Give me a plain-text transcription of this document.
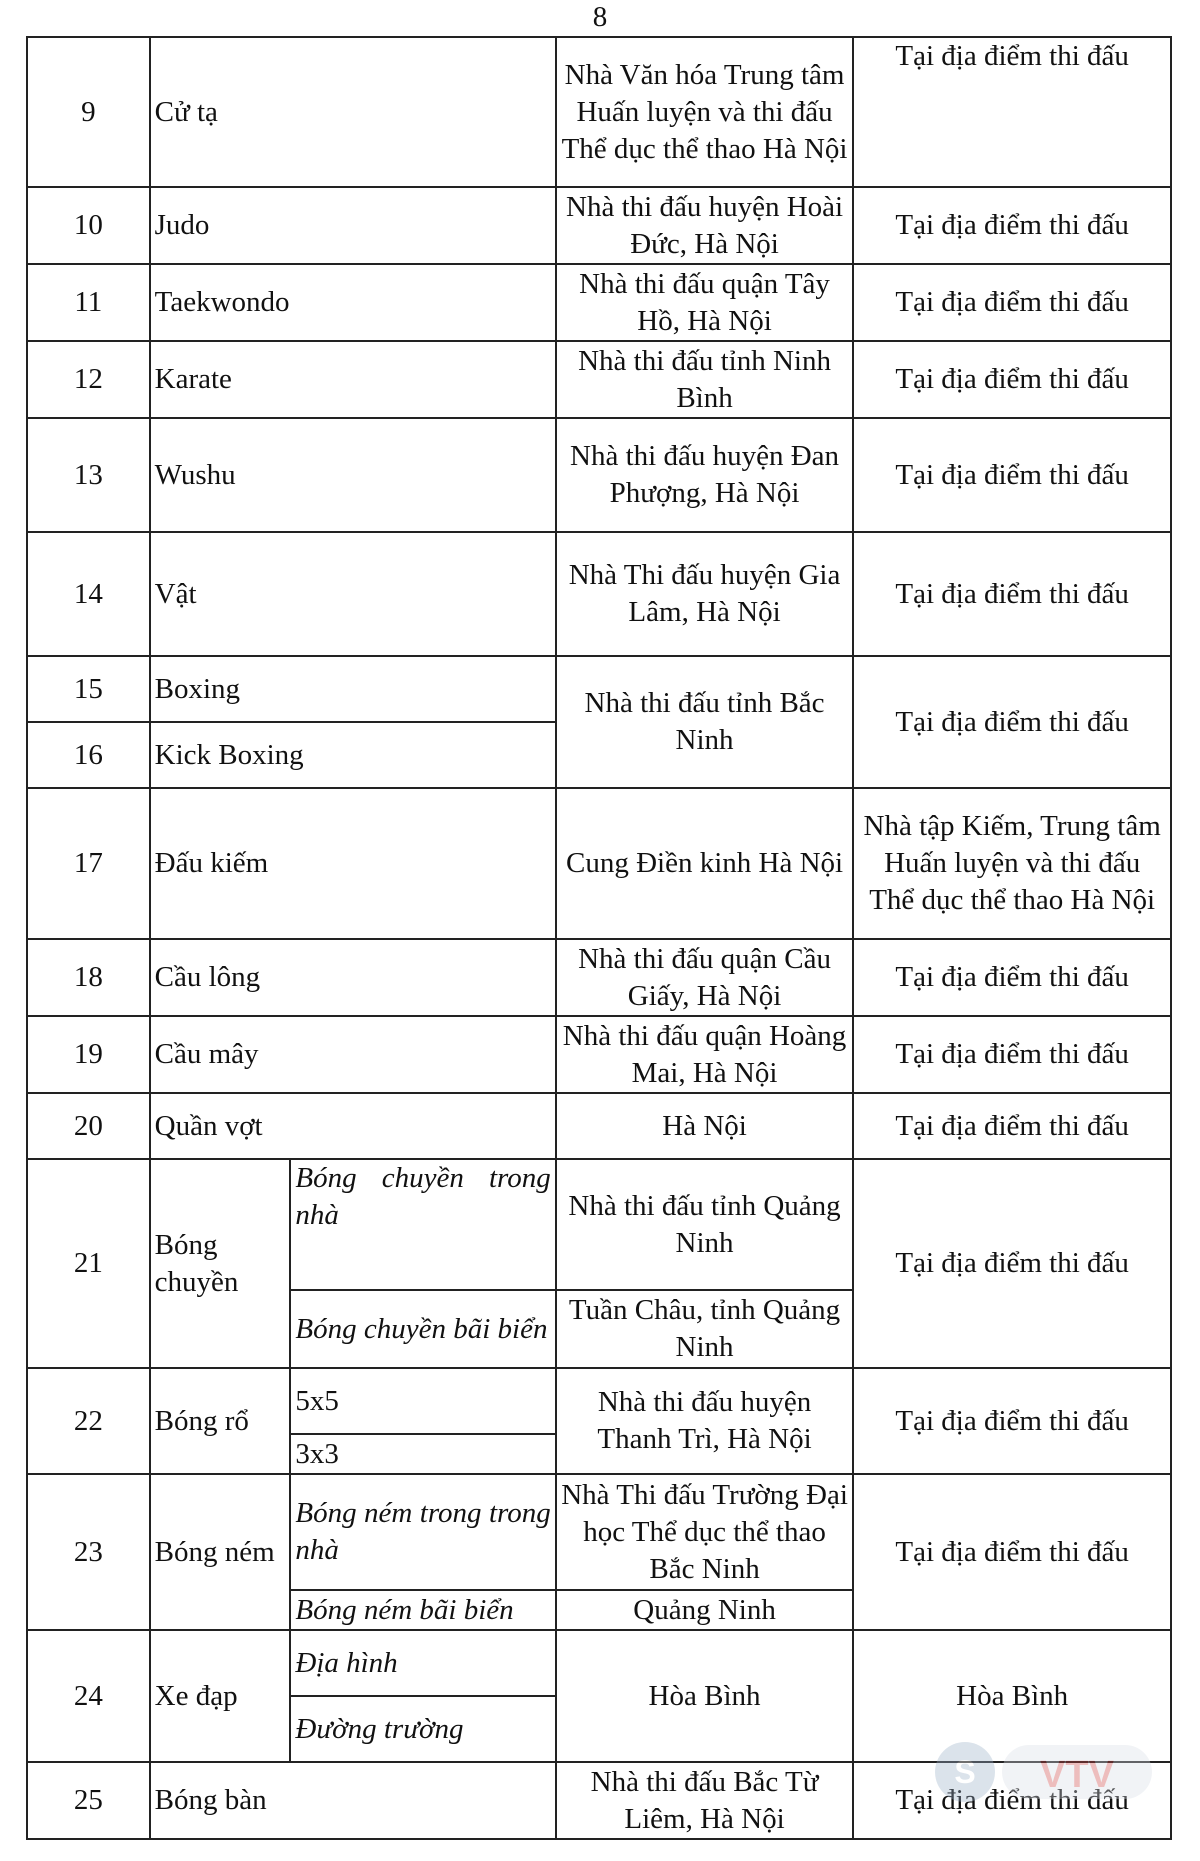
8
9	Cử tạ		Nhà Văn hóa Trung tâm Huấn luyện và thi đấu Thể dục thể thao Hà Nội	Tại địa điểm thi đấu
10	Judo		Nhà thi đấu huyện Hoài Đức, Hà Nội	Tại địa điểm thi đấu
11	Taekwondo		Nhà thi đấu quận Tây Hồ, Hà Nội	Tại địa điểm thi đấu
12	Karate		Nhà thi đấu tỉnh Ninh Bình	Tại địa điểm thi đấu
13	Wushu		Nhà thi đấu huyện Đan Phượng, Hà Nội	Tại địa điểm thi đấu
14	Vật		Nhà Thi đấu huyện Gia Lâm, Hà Nội	Tại địa điểm thi đấu
15	Boxing		Nhà thi đấu tỉnh Bắc Ninh	Tại địa điểm thi đấu
16	Kick Boxing			
17	Đấu kiếm		Cung Điền kinh Hà Nội	Nhà tập Kiếm, Trung tâm Huấn luyện và thi đấu Thể dục thể thao Hà Nội
18	Cầu lông		Nhà thi đấu quận Cầu Giấy, Hà Nội	Tại địa điểm thi đấu
19	Cầu mây		Nhà thi đấu quận Hoàng Mai, Hà Nội	Tại địa điểm thi đấu
20	Quần vợt		Hà Nội	Tại địa điểm thi đấu
21	Bóng chuyền	Bóng chuyền trong nhà	Nhà thi đấu tỉnh Quảng Ninh	Tại địa điểm thi đấu
		Bóng chuyền bãi biển	Tuần Châu, tỉnh Quảng Ninh	
22	Bóng rổ	5x5	Nhà thi đấu huyện Thanh Trì, Hà Nội	Tại địa điểm thi đấu
		3x3		
23	Bóng ném	Bóng ném trong trong nhà	Nhà Thi đấu Trường Đại học Thể dục thể thao Bắc Ninh	Tại địa điểm thi đấu
		Bóng ném bãi biển	Quảng Ninh	
24	Xe đạp	Địa hình	Hòa Bình	Hòa Bình
		Đường trường		
25	Bóng bàn		Nhà thi đấu Bắc Từ Liêm, Hà Nội	Tại địa điểm thi đấu
S VTV
